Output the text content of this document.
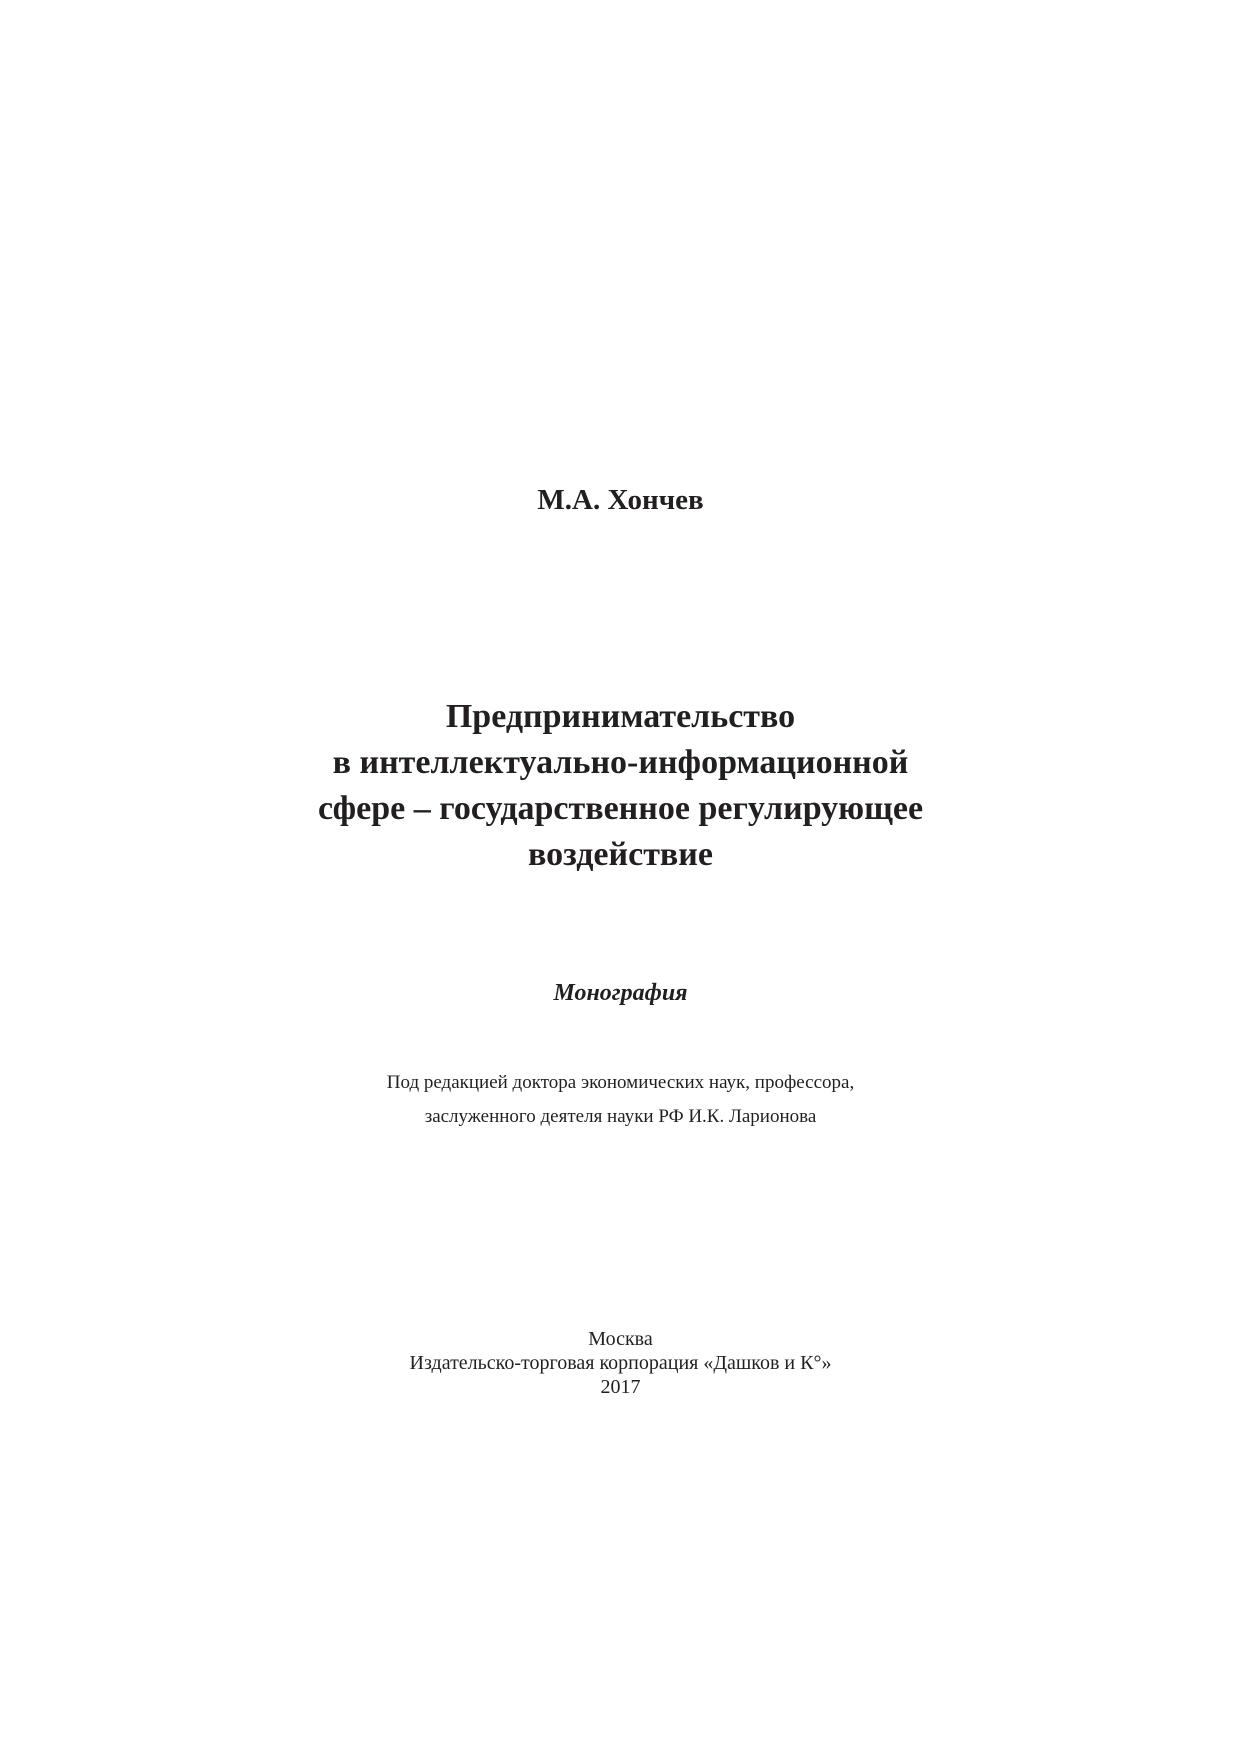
М.А. Хончев
Предпринимательство
в интеллектуально-информационной
сфере – государственное регулирующее
воздействие
Монография
Под редакцией доктора экономических наук, профессора,
заслуженного деятеля науки РФ И.К. Ларионова
Москва
Издательско-торговая корпорация «Дашков и К°»
2017
